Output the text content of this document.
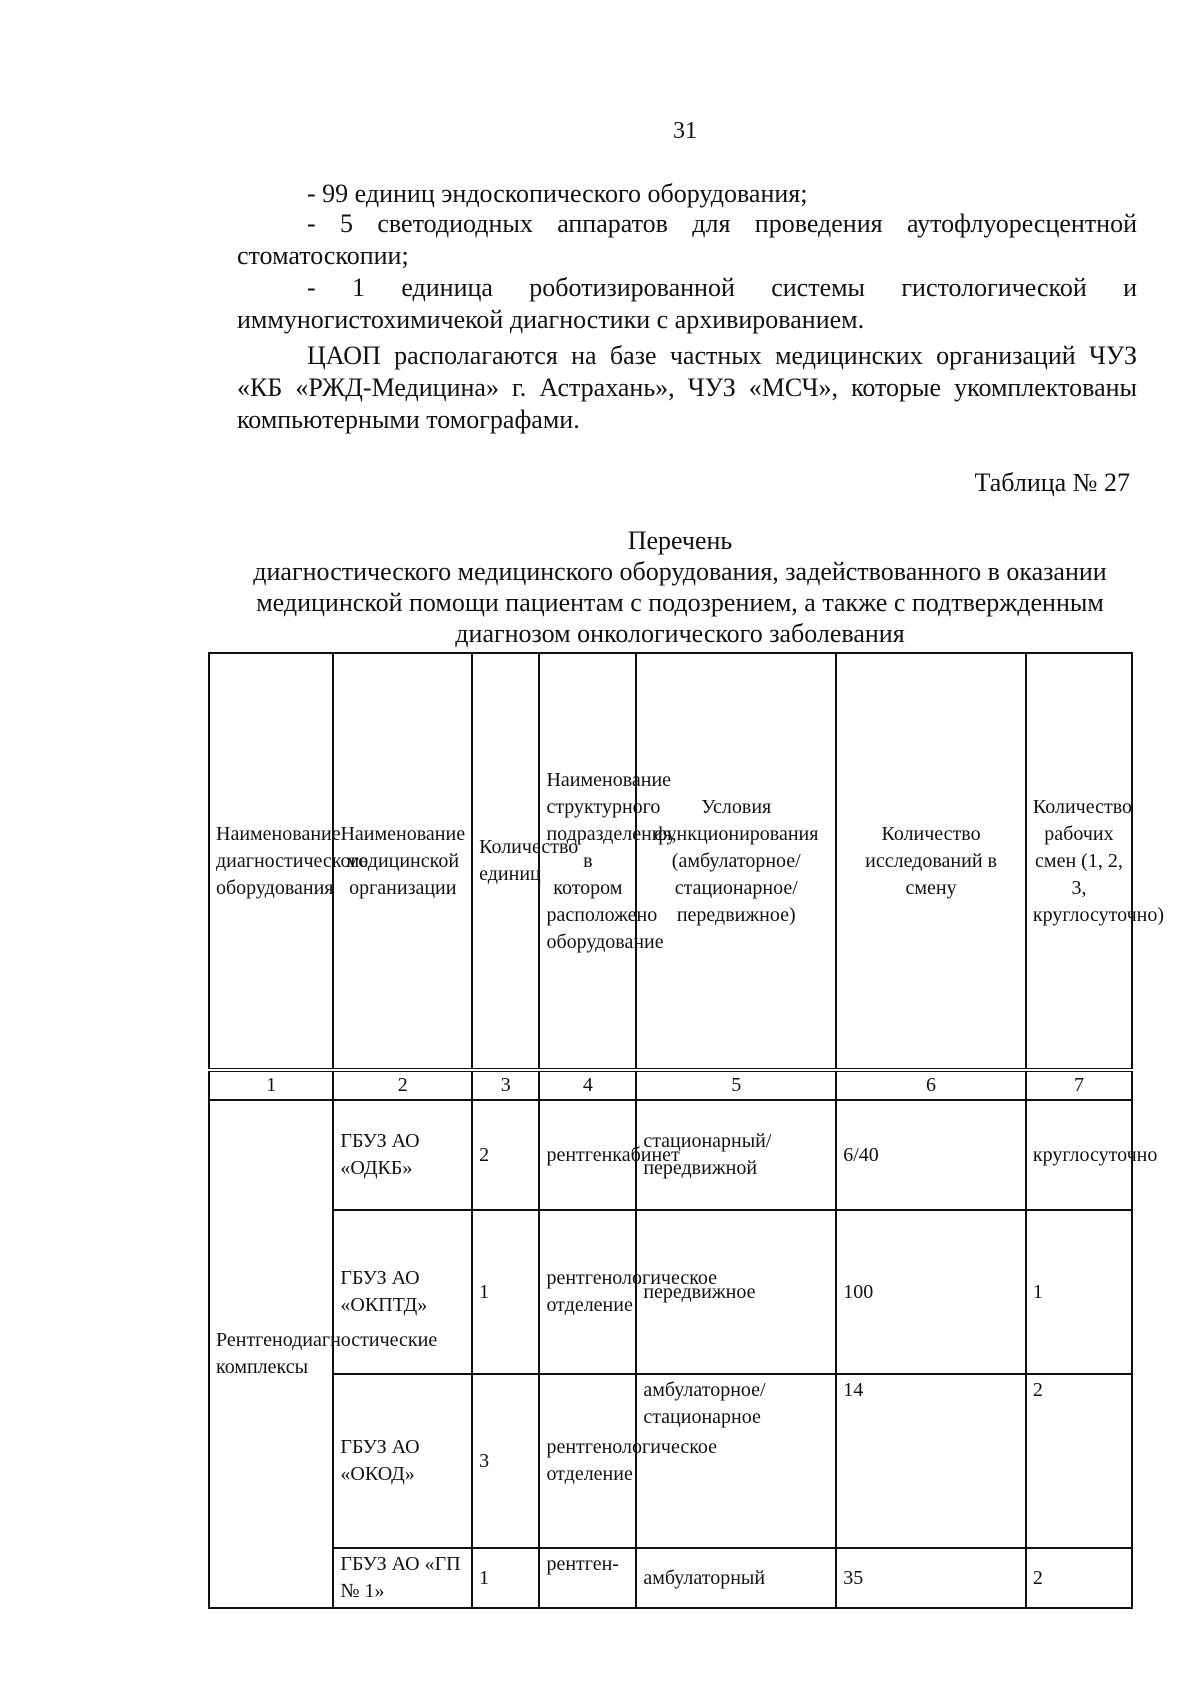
31

- 99 единиц эндоскопического оборудования;

- 5 светодиодных аппаратов для проведения аутофлуоресцентной стоматоскопии;

- 1 единица роботизированной системы гистологической и иммуногистохимичекой диагностики с архивированием.

ЦАОП располагаются на базе частных медицинских организаций ЧУЗ «КБ «РЖД-Медицина» г. Астрахань», ЧУЗ «МСЧ», которые укомплектованы компьютерными томографами.

Таблица № 27

Перечень
диагностического медицинского оборудования, задействованного в оказании
медицинской помощи пациентам с подозрением, а также с подтвержденным
диагнозом онкологического заболевания

Наименование диагностического оборудования	Наименование медицинской организации	Количество единиц	Наименование структурного подразделения, в котором расположено оборудование	Условия функционирования (амбулаторное/стационарное/передвижное)	Количество исследований в смену	Количество рабочих смен (1, 2, 3, круглосуточно)
1	2	3	4	5	6	7
Рентгенодиагностические комплексы	ГБУЗ АО «ОДКБ»	2	рентгенкабинет	стационарный/передвижной	6/40	круглосуточно
	ГБУЗ АО «ОКПТД»	1	рентгенологическое отделение	передвижное	100	1
	ГБУЗ АО «ОКОД»	3	рентгенологическое отделение	амбулаторное/стационарное	14	2
	ГБУЗ АО «ГП № 1»	1	рентген-	амбулаторный	35	2
